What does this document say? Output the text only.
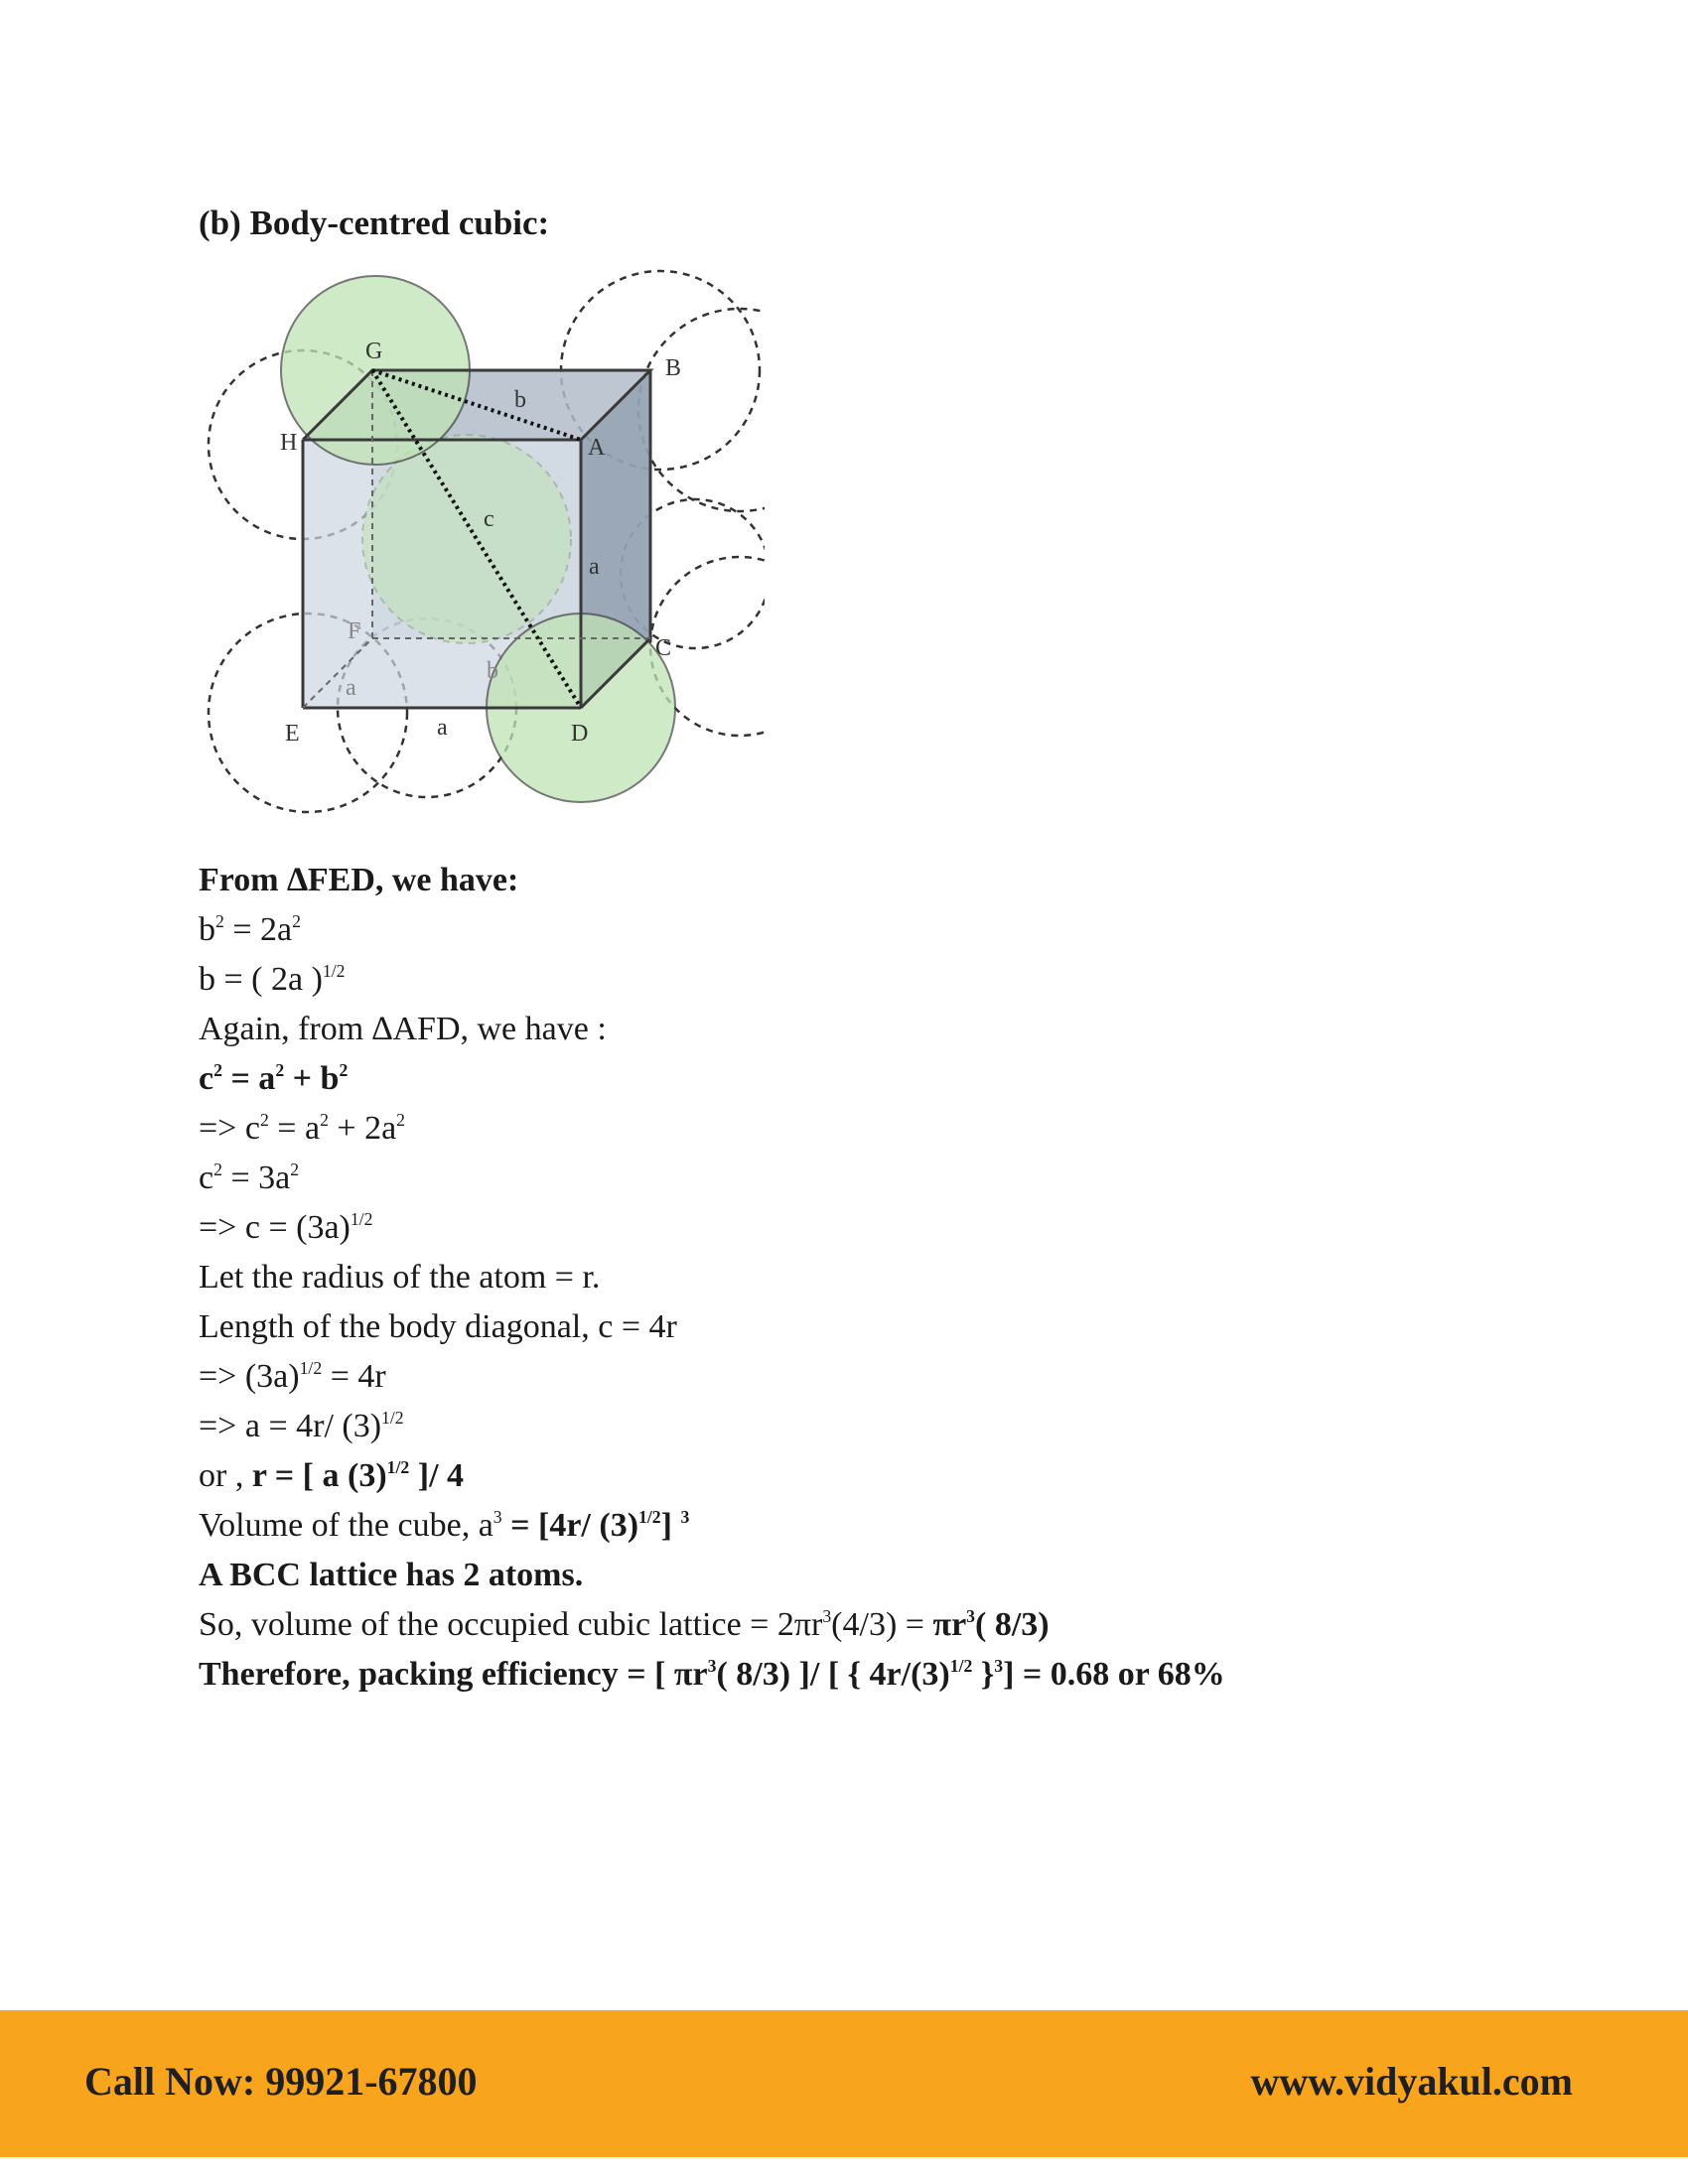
(b) Body-centred cubic:
G
B
H	A
C
D
E
F
b
c
a
a
a
b
From ∆FED, we have:
$b^2 = 2a^2$
b = ( 2a )$^{1/2}$
Again, from ∆AFD, we have :
$c^2 = a^2 + b^2$
=> $c^2 = a^2 + 2a^2$
$c^2 = 3a^2$
=> $c = (3a)^{1/2}$
Let the radius of the atom = r.
Length of the body diagonal, c = 4r
=> $(3a)^{1/2} = 4r$
=> a = 4r/ $(3)^{1/2}$
or , r = [ a $(3)^{1/2}$ ]/ 4
Volume of the cube, $a^3 = [4r/$ $(3)^{1/2}$] $^3$
A BCC lattice has 2 atoms.
So, volume of the occupied cubic lattice = $2\pi r^3(4/3) = \pi r^3$( 8/3)
Therefore, packing efficiency = [ $\pi r^3$( 8/3) ]/ [ { $4r/(3)^{1/2}$ }$^3$] = 0.68 or 68%
Call Now: 99921-67800	www.vidyakul.com
